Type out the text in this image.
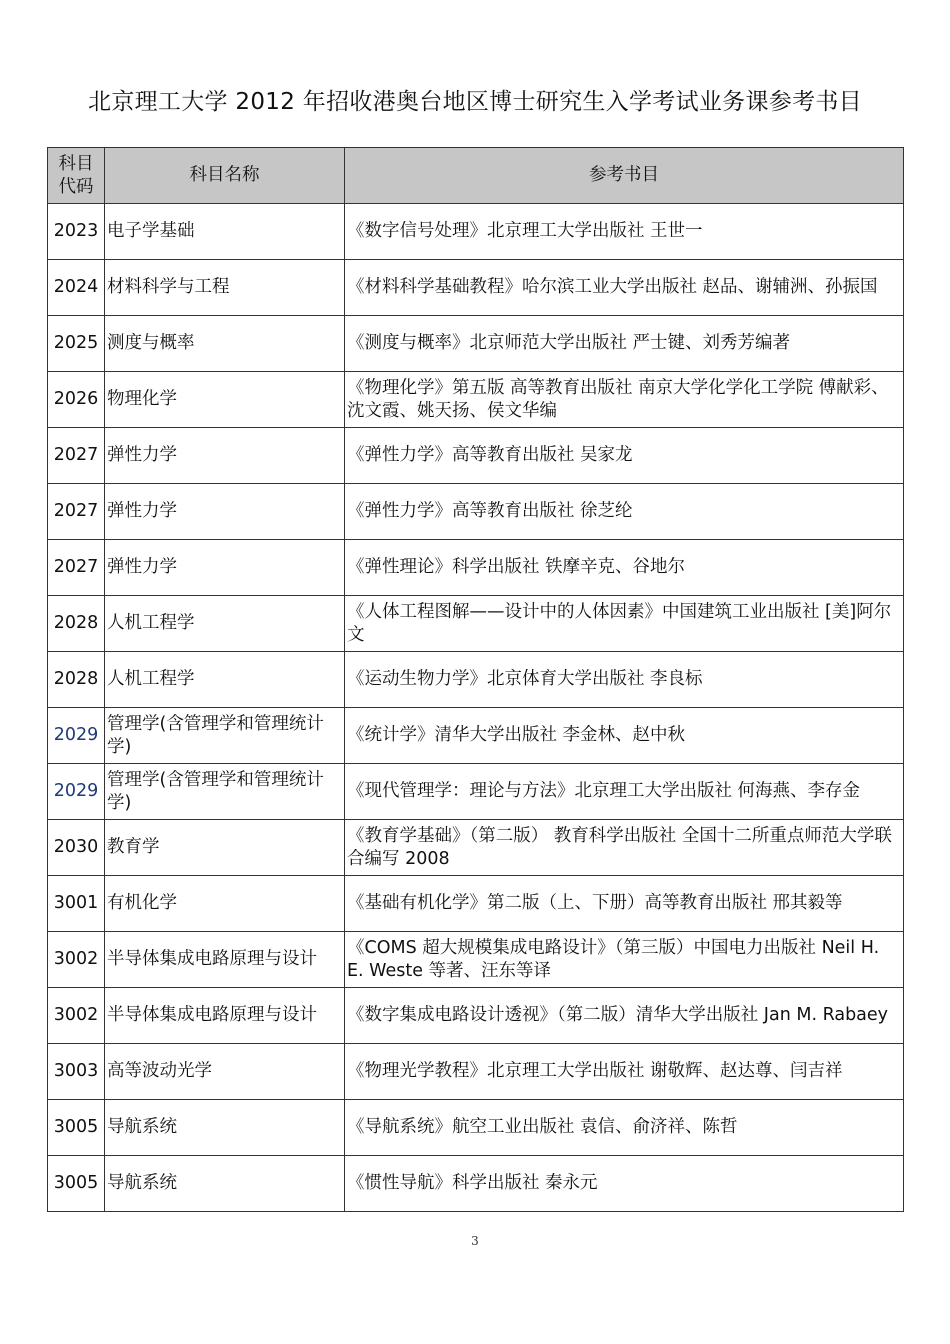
北京理工大学 2012 年招收港奥台地区博士研究生入学考试业务课参考书目
科目代码	科目名称	参考书目
2023	电子学基础	《数字信号处理》北京理工大学出版社 王世一
2024	材料科学与工程	《材料科学基础教程》哈尔滨工业大学出版社 赵品、谢辅洲、孙振国
2025	测度与概率	《测度与概率》北京师范大学出版社 严士键、刘秀芳编著
2026	物理化学	《物理化学》第五版 高等教育出版社 南京大学化学化工学院 傅献彩、沈文霞、姚天扬、侯文华编
2027	弹性力学	《弹性力学》高等教育出版社 吴家龙
2027	弹性力学	《弹性力学》高等教育出版社 徐芝纶
2027	弹性力学	《弹性理论》科学出版社 铁摩辛克、谷地尔
2028	人机工程学	《人体工程图解——设计中的人体因素》中国建筑工业出版社 [美]阿尔文
2028	人机工程学	《运动生物力学》北京体育大学出版社 李良标
2029	管理学(含管理学和管理统计学)	《统计学》清华大学出版社 李金林、赵中秋
2029	管理学(含管理学和管理统计学)	《现代管理学：理论与方法》北京理工大学出版社 何海燕、李存金
2030	教育学	《教育学基础》（第二版） 教育科学出版社 全国十二所重点师范大学联合编写 2008
3001	有机化学	《基础有机化学》第二版（上、下册）高等教育出版社 邢其毅等
3002	半导体集成电路原理与设计	《COMS 超大规模集成电路设计》（第三版）中国电力出版社 Neil H. E. Weste 等著、汪东等译
3002	半导体集成电路原理与设计	《数字集成电路设计透视》（第二版）清华大学出版社 Jan M. Rabaey
3003	高等波动光学	《物理光学教程》北京理工大学出版社 谢敬辉、赵达尊、闫吉祥
3005	导航系统	《导航系统》航空工业出版社 袁信、俞济祥、陈哲
3005	导航系统	《惯性导航》科学出版社 秦永元
3
